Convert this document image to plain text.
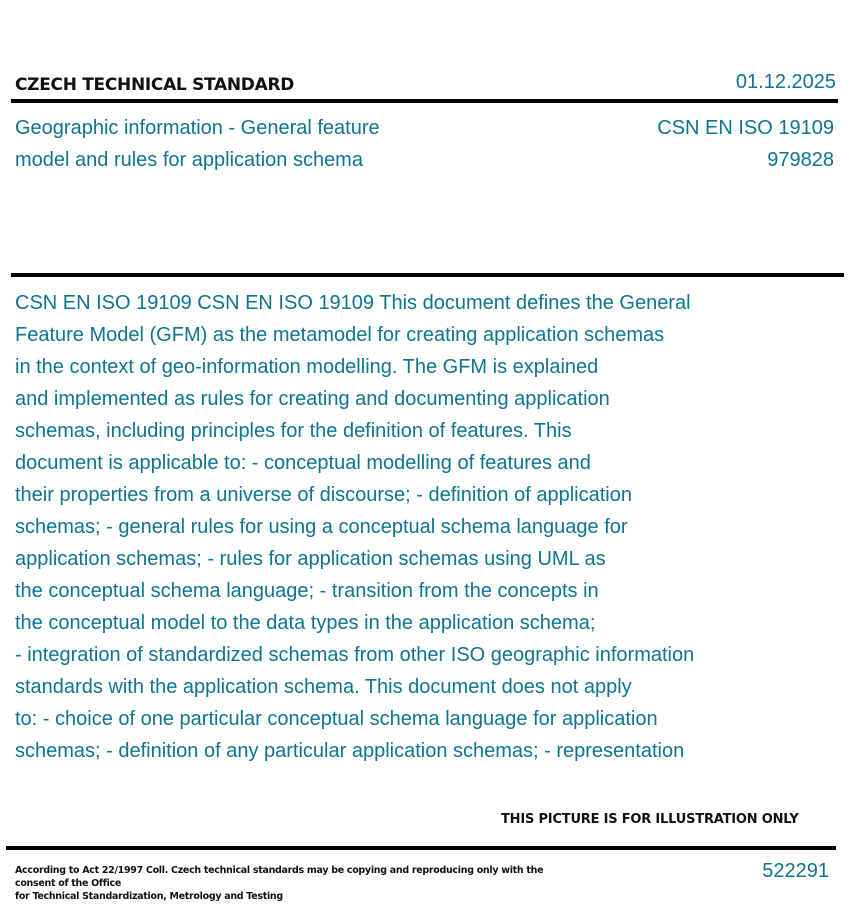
CZECH TECHNICAL STANDARD	01.12.2025
Geographic information - General feature
model and rules for application schema
CSN EN ISO 19109
979828

CSN EN ISO 19109 CSN EN ISO 19109 This document defines the General
Feature Model (GFM) as the metamodel for creating application schemas
in the context of geo-information modelling. The GFM is explained
and implemented as rules for creating and documenting application
schemas, including principles for the definition of features. This
document is applicable to: - conceptual modelling of features and
their properties from a universe of discourse; - definition of application
schemas; - general rules for using a conceptual schema language for
application schemas; - rules for application schemas using UML as
the conceptual schema language; - transition from the concepts in
the conceptual model to the data types in the application schema;
- integration of standardized schemas from other ISO geographic information
standards with the application schema. This document does not apply
to: - choice of one particular conceptual schema language for application
schemas; - definition of any particular application schemas; - representation

THIS PICTURE IS FOR ILLUSTRATION ONLY
According to Act 22/1997 Coll. Czech technical standards may be copying and reproducing only with the consent of the Office
for Technical Standardization, Metrology and Testing
522291
